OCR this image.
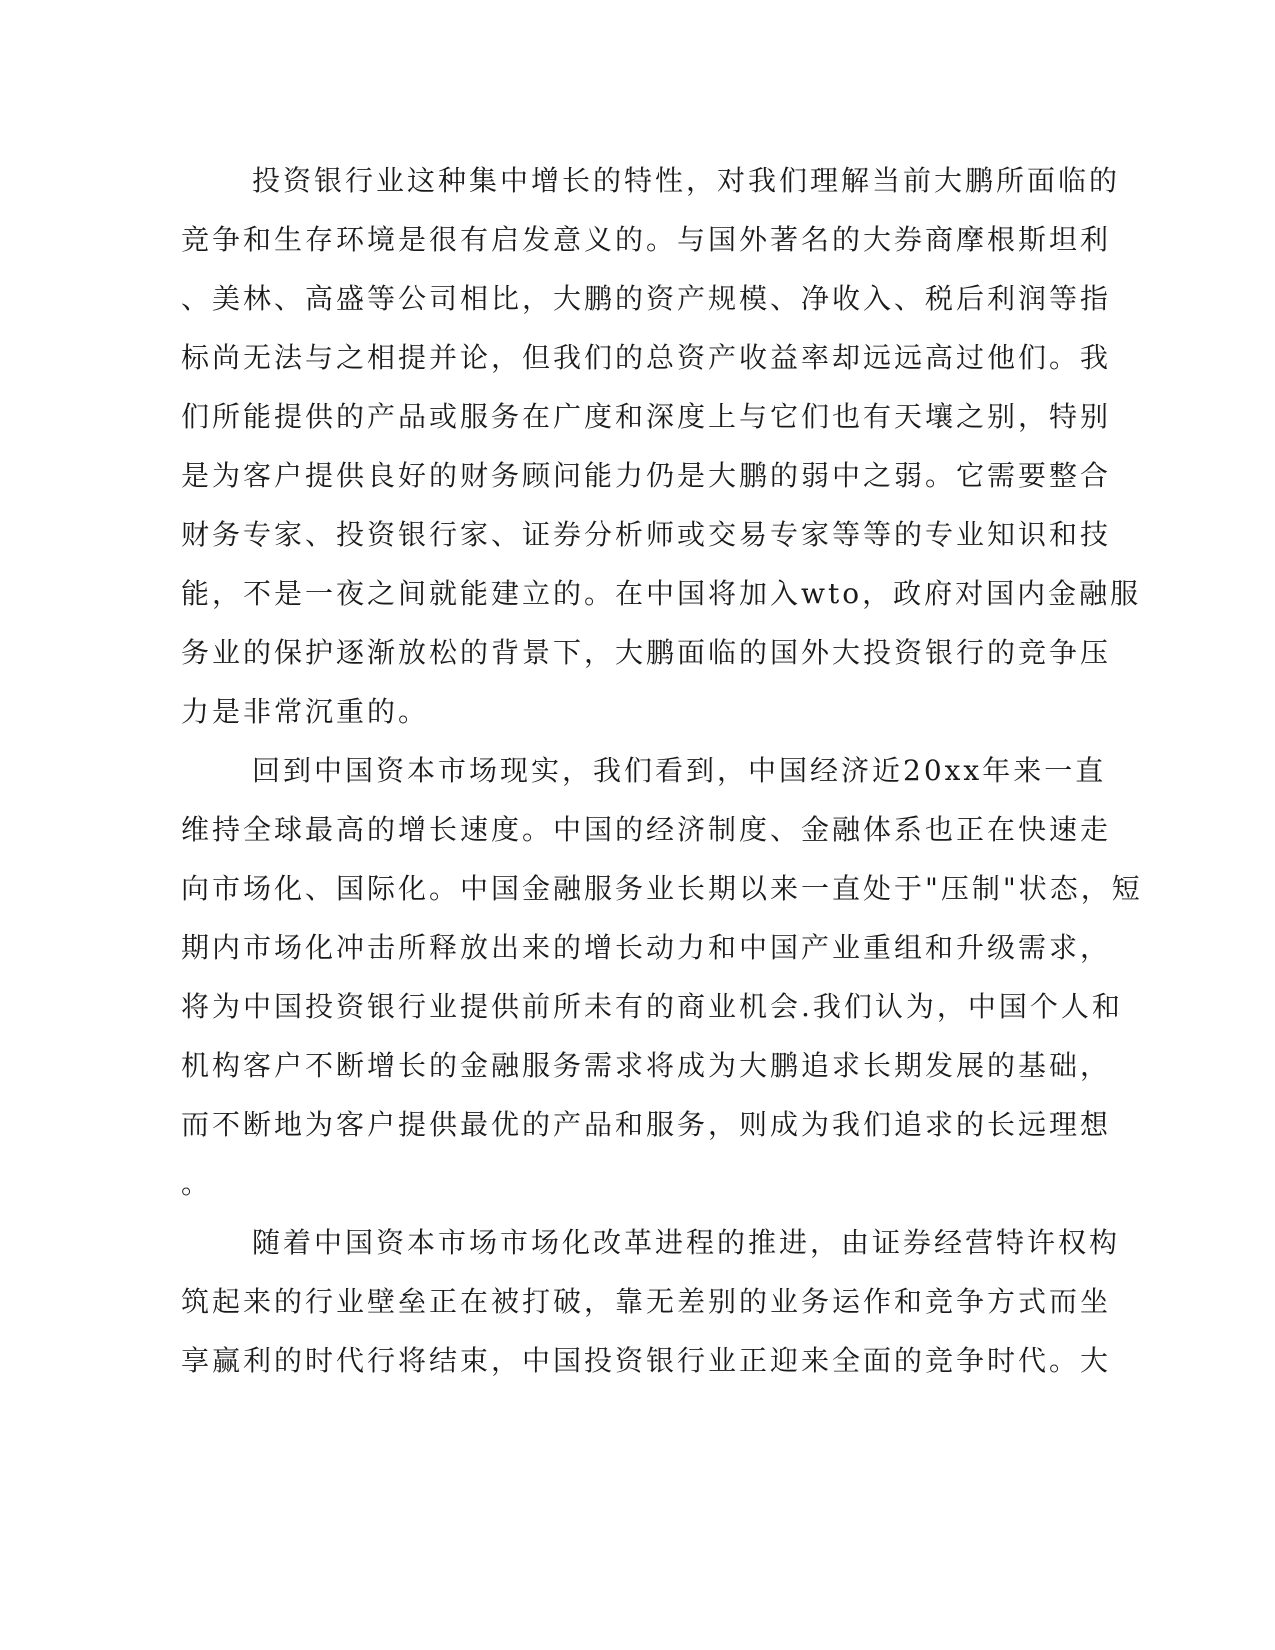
投资银行业这种集中增长的特性，对我们理解当前大鹏所面临的
竞争和生存环境是很有启发意义的。与国外著名的大券商摩根斯坦利
、美林、高盛等公司相比，大鹏的资产规模、净收入、税后利润等指
标尚无法与之相提并论，但我们的总资产收益率却远远高过他们。我
们所能提供的产品或服务在广度和深度上与它们也有天壤之别，特别
是为客户提供良好的财务顾问能力仍是大鹏的弱中之弱。它需要整合
财务专家、投资银行家、证券分析师或交易专家等等的专业知识和技
能，不是一夜之间就能建立的。在中国将加入wto，政府对国内金融服
务业的保护逐渐放松的背景下，大鹏面临的国外大投资银行的竞争压
力是非常沉重的。
回到中国资本市场现实，我们看到，中国经济近20xx年来一直
维持全球最高的增长速度。中国的经济制度、金融体系也正在快速走
向市场化、国际化。中国金融服务业长期以来一直处于"压制"状态，短
期内市场化冲击所释放出来的增长动力和中国产业重组和升级需求，
将为中国投资银行业提供前所未有的商业机会.我们认为，中国个人和
机构客户不断增长的金融服务需求将成为大鹏追求长期发展的基础，
而不断地为客户提供最优的产品和服务，则成为我们追求的长远理想
。
随着中国资本市场市场化改革进程的推进，由证券经营特许权构
筑起来的行业壁垒正在被打破，靠无差别的业务运作和竞争方式而坐
享赢利的时代行将结束，中国投资银行业正迎来全面的竞争时代。大
